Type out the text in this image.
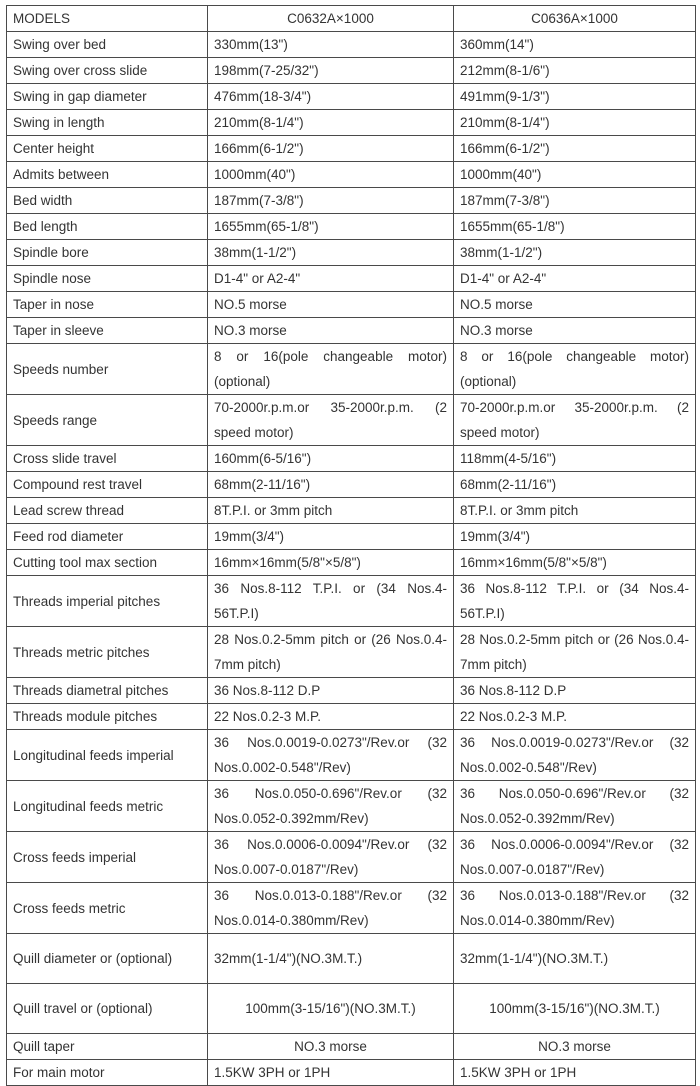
MODELS	C0632A×1000	C0636A×1000
Swing over bed	330mm(13")	360mm(14")
Swing over cross slide	198mm(7-25/32")	212mm(8-1/6")
Swing in gap diameter	476mm(18-3/4")	491mm(9-1/3")
Swing in length	210mm(8-1/4")	210mm(8-1/4")
Center height	166mm(6-1/2")	166mm(6-1/2")
Admits between	1000mm(40")	1000mm(40")
Bed width	187mm(7-3/8")	187mm(7-3/8")
Bed length	1655mm(65-1/8")	1655mm(65-1/8")
Spindle bore	38mm(1-1/2")	38mm(1-1/2")
Spindle nose	D1-4" or A2-4"	D1-4" or A2-4"
Taper in nose	NO.5 morse	NO.5 morse
Taper in sleeve	NO.3 morse	NO.3 morse
Speeds number	8 or 16(pole changeable motor) (optional)	8 or 16(pole changeable motor) (optional)
Speeds range	70-2000r.p.m.or 35-2000r.p.m. (2 speed motor)	70-2000r.p.m.or 35-2000r.p.m. (2 speed motor)
Cross slide travel	160mm(6-5/16")	118mm(4-5/16")
Compound rest travel	68mm(2-11/16")	68mm(2-11/16")
Lead screw thread	8T.P.I. or 3mm pitch	8T.P.I. or 3mm pitch
Feed rod diameter	19mm(3/4")	19mm(3/4")
Cutting tool max section	16mm×16mm(5/8"×5/8")	16mm×16mm(5/8"×5/8")
Threads imperial pitches	36 Nos.8-112 T.P.I. or (34 Nos.4-56T.P.I)	36 Nos.8-112 T.P.I. or (34 Nos.4-56T.P.I)
Threads metric pitches	28 Nos.0.2-5mm pitch or (26 Nos.0.4-7mm pitch)	28 Nos.0.2-5mm pitch or (26 Nos.0.4-7mm pitch)
Threads diametral pitches	36 Nos.8-112 D.P	36 Nos.8-112 D.P
Threads module pitches	22 Nos.0.2-3 M.P.	22 Nos.0.2-3 M.P.
Longitudinal feeds imperial	36 Nos.0.0019-0.0273"/Rev.or (32 Nos.0.002-0.548"/Rev)	36 Nos.0.0019-0.0273"/Rev.or (32 Nos.0.002-0.548"/Rev)
Longitudinal feeds metric	36 Nos.0.050-0.696"/Rev.or (32 Nos.0.052-0.392mm/Rev)	36 Nos.0.050-0.696"/Rev.or (32 Nos.0.052-0.392mm/Rev)
Cross feeds imperial	36 Nos.0.0006-0.0094"/Rev.or (32 Nos.0.007-0.0187"/Rev)	36 Nos.0.0006-0.0094"/Rev.or (32 Nos.0.007-0.0187"/Rev)
Cross feeds metric	36 Nos.0.013-0.188"/Rev.or (32 Nos.0.014-0.380mm/Rev)	36 Nos.0.013-0.188"/Rev.or (32 Nos.0.014-0.380mm/Rev)
Quill diameter or (optional)	32mm(1-1/4")(NO.3M.T.)	32mm(1-1/4")(NO.3M.T.)
Quill travel or (optional)	100mm(3-15/16")(NO.3M.T.)	100mm(3-15/16")(NO.3M.T.)
Quill taper	NO.3 morse	NO.3 morse
For main motor	1.5KW 3PH or 1PH	1.5KW 3PH or 1PH
